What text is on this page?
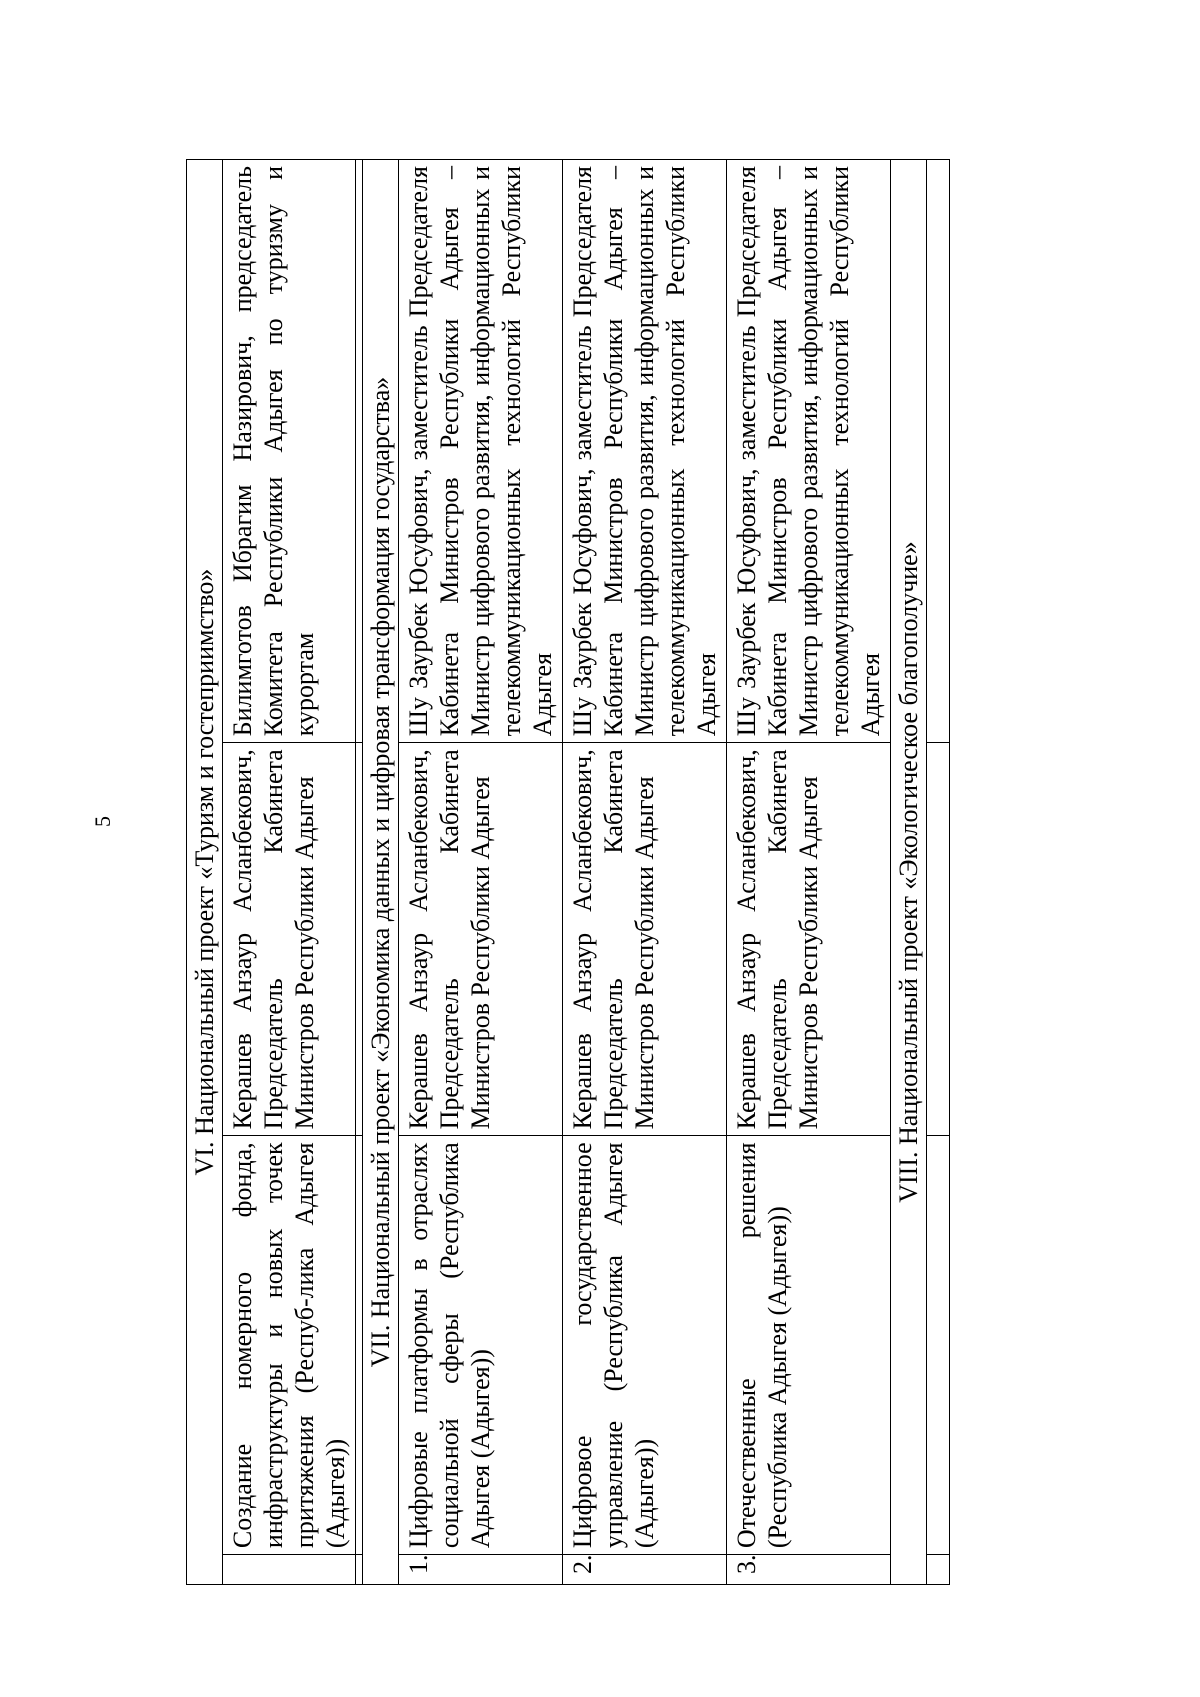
5	VI. Национальный проект «Туризм и гостеприимство»			
	Создание номерного фонда, инфраструктуры и новых точек притяжения (Респуб-лика Адыгея (Адыгея))	Керашев Анзаур Асланбекович, Председатель Кабинета Министров Республики Адыгея	Билимготов Ибрагим Назирович, председатель Комитета Республики Адыгея по туризму и курортам

VII. Национальный проект «Экономика данных и цифровая трансформация государства»			
1.	Цифровые платформы в отраслях социальной сферы (Республика Адыгея (Адыгея))	Керашев Анзаур Асланбекович, Председатель Кабинета Министров Республики Адыгея	Шу Заурбек Юсуфович, заместитель Председателя Кабинета Министров Республики Адыгея – Министр цифрового развития, информационных и телекоммуникационных технологий Республики Адыгея
2.	Цифровое государственное управление (Республика Адыгея (Адыгея))	Керашев Анзаур Асланбекович, Председатель Кабинета Министров Республики Адыгея	Шу Заурбек Юсуфович, заместитель Председателя Кабинета Министров Республики Адыгея – Министр цифрового развития, информационных и телекоммуникационных технологий Республики Адыгея
3.	Отечественные решения (Республика Адыгея (Адыгея))	Керашев Анзаур Асланбекович, Председатель Кабинета Министров Республики Адыгея	Шу Заурбек Юсуфович, заместитель Председателя Кабинета Министров Республики Адыгея – Министр цифрового развития, информационных и телекоммуникационных технологий Республики Адыгея
VIII. Национальный проект «Экологическое благополучие»			
